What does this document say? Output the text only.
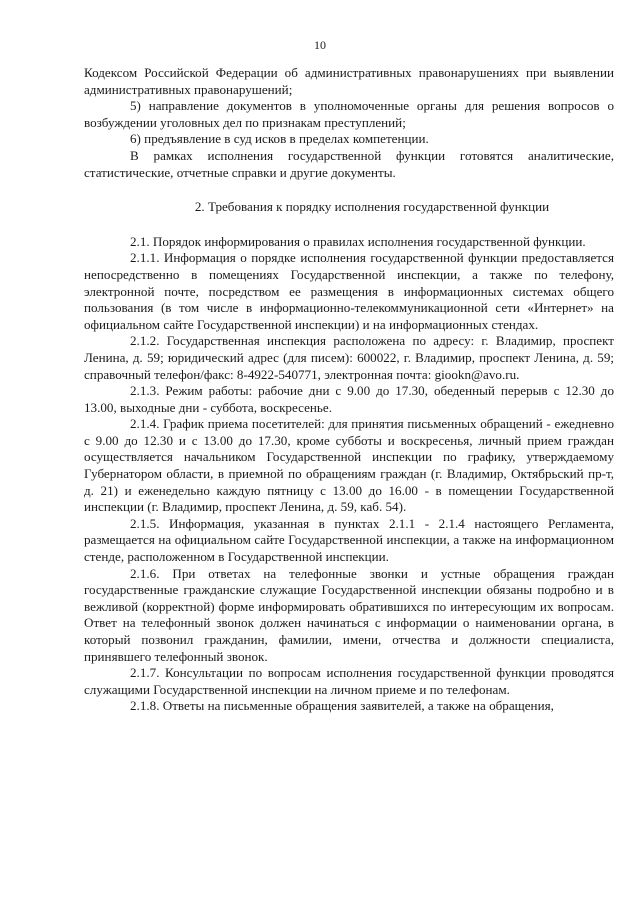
10

Кодексом Российской Федерации об административных правонарушениях при выявлении административных правонарушений;

5) направление документов в уполномоченные органы для решения вопросов о возбуждении уголовных дел по признакам преступлений;

6) предъявление в суд исков в пределах компетенции.

В рамках исполнения государственной функции готовятся аналитические, статистические, отчетные справки и другие документы.

2. Требования к порядку исполнения государственной функции

2.1. Порядок информирования о правилах исполнения государственной функции.

2.1.1. Информация о порядке исполнения государственной функции предоставляется непосредственно в помещениях Государственной инспекции, а также по телефону, электронной почте, посредством ее размещения в информационных системах общего пользования (в том числе в информационно-телекоммуникационной сети «Интернет» на официальном сайте Государственной инспекции) и на информационных стендах.

2.1.2. Государственная инспекция расположена по адресу: г. Владимир, проспект Ленина, д. 59; юридический адрес (для писем): 600022, г. Владимир, проспект Ленина, д. 59; справочный телефон/факс: 8-4922-540771, электронная почта: giookn@avo.ru.

2.1.3. Режим работы: рабочие дни с 9.00 до 17.30, обеденный перерыв с 12.30 до 13.00, выходные дни - суббота, воскресенье.

2.1.4. График приема посетителей: для принятия письменных обращений - ежедневно с 9.00 до 12.30 и с 13.00 до 17.30, кроме субботы и воскресенья, личный прием граждан осуществляется начальником Государственной инспекции по графику, утверждаемому Губернатором области, в приемной по обращениям граждан (г. Владимир, Октябрьский пр-т, д. 21) и еженедельно каждую пятницу с 13.00 до 16.00 - в помещении Государственной инспекции (г. Владимир, проспект Ленина, д. 59, каб. 54).

2.1.5. Информация, указанная в пунктах 2.1.1 - 2.1.4 настоящего Регламента, размещается на официальном сайте Государственной инспекции, а также на информационном стенде, расположенном в Государственной инспекции.

2.1.6. При ответах на телефонные звонки и устные обращения граждан государственные гражданские служащие Государственной инспекции обязаны подробно и в вежливой (корректной) форме информировать обратившихся по интересующим их вопросам. Ответ на телефонный звонок должен начинаться с информации о наименовании органа, в который позвонил гражданин, фамилии, имени, отчества и должности специалиста, принявшего телефонный звонок.

2.1.7. Консультации по вопросам исполнения государственной функции проводятся служащими Государственной инспекции на личном приеме и по телефонам.

2.1.8. Ответы на письменные обращения заявителей, а также на обращения,
